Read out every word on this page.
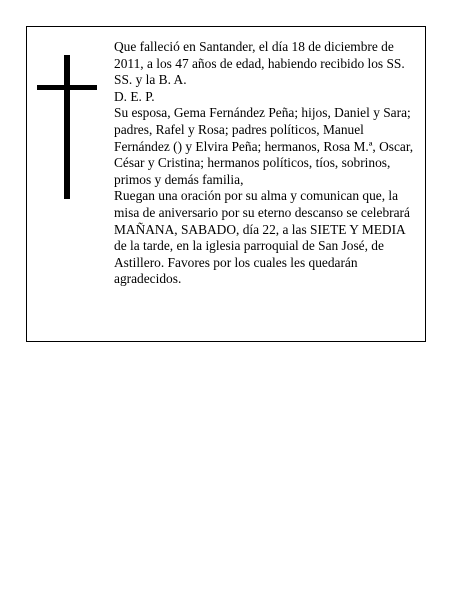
Que falleció en Santander, el día 18 de diciembre de 2011, a los 47 años de edad, habiendo recibido los SS. SS. y la B. A.

D. E. P.

Su esposa, Gema Fernández Peña; hijos, Daniel y Sara; padres, Rafel y Rosa; padres políticos, Manuel Fernández () y Elvira Peña; hermanos, Rosa M.ª, Oscar, César y Cristina; hermanos políticos, tíos, sobrinos, primos y demás familia,

Ruegan una oración por su alma y comunican que, la misa de aniversario por su eterno descanso se celebrará MAÑANA, SABADO, día 22, a las SIETE Y MEDIA de la tarde, en la iglesia parroquial de San José, de Astillero. Favores por los cuales les quedarán agradecidos.
